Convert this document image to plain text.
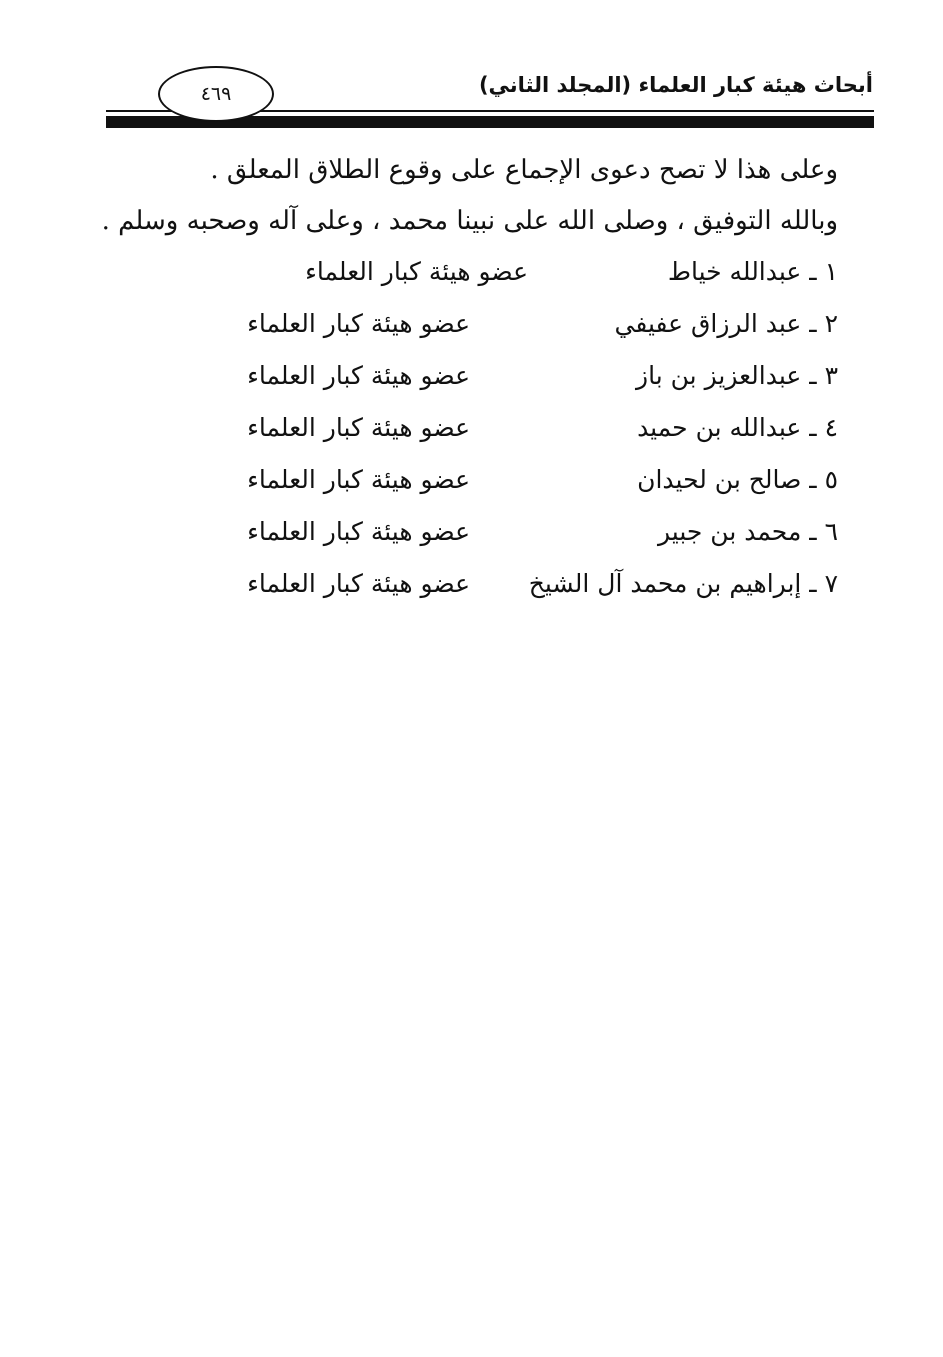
أبحاث هيئة كبار العلماء (المجلد الثاني)
٤٦٩
وعلى هذا لا تصح دعوى الإجماع على وقوع الطلاق المعلق .
وبالله التوفيق ، وصلى الله على نبينا محمد ، وعلى آله وصحبه وسلم .
١ ـ عبدالله خياط
عضو هيئة كبار العلماء
٢ ـ عبد الرزاق عفيفي
عضو هيئة كبار العلماء
٣ ـ عبدالعزيز بن باز
عضو هيئة كبار العلماء
٤ ـ عبدالله بن حميد
عضو هيئة كبار العلماء
٥ ـ صالح بن لحيدان
عضو هيئة كبار العلماء
٦ ـ محمد بن جبير
عضو هيئة كبار العلماء
٧ ـ إبراهيم بن محمد آل الشيخ
عضو هيئة كبار العلماء
